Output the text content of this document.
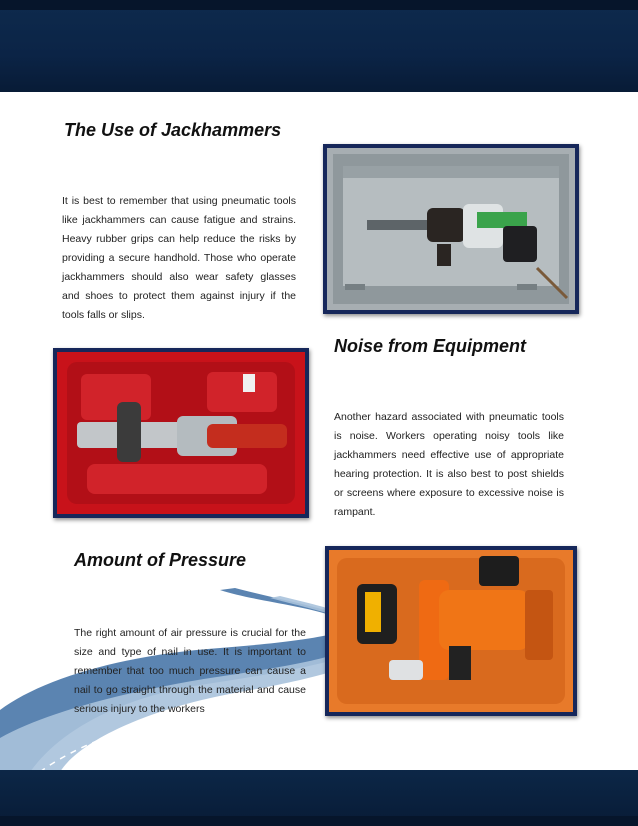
The Use of Jackhammers

It is best to remember that using pneumatic tools like jackhammers can cause fatigue and strains. Heavy rubber grips can help reduce the risks by providing a secure handhold. Those who operate jackhammers should also wear safety glasses and shoes to protect them against injury if the tools falls or slips.

Noise from Equipment

Another hazard associated with pneumatic tools is noise. Workers operating noisy tools like jackhammers need effective use of appropriate hearing protection. It is also best to post shields or screens where exposure to excessive noise is rampant.

Amount of Pressure

The right amount of air pressure is crucial for the size and type of nail in use. It is important to remember that too much pressure can cause a nail to go straight through the material and cause serious injury to the workers
